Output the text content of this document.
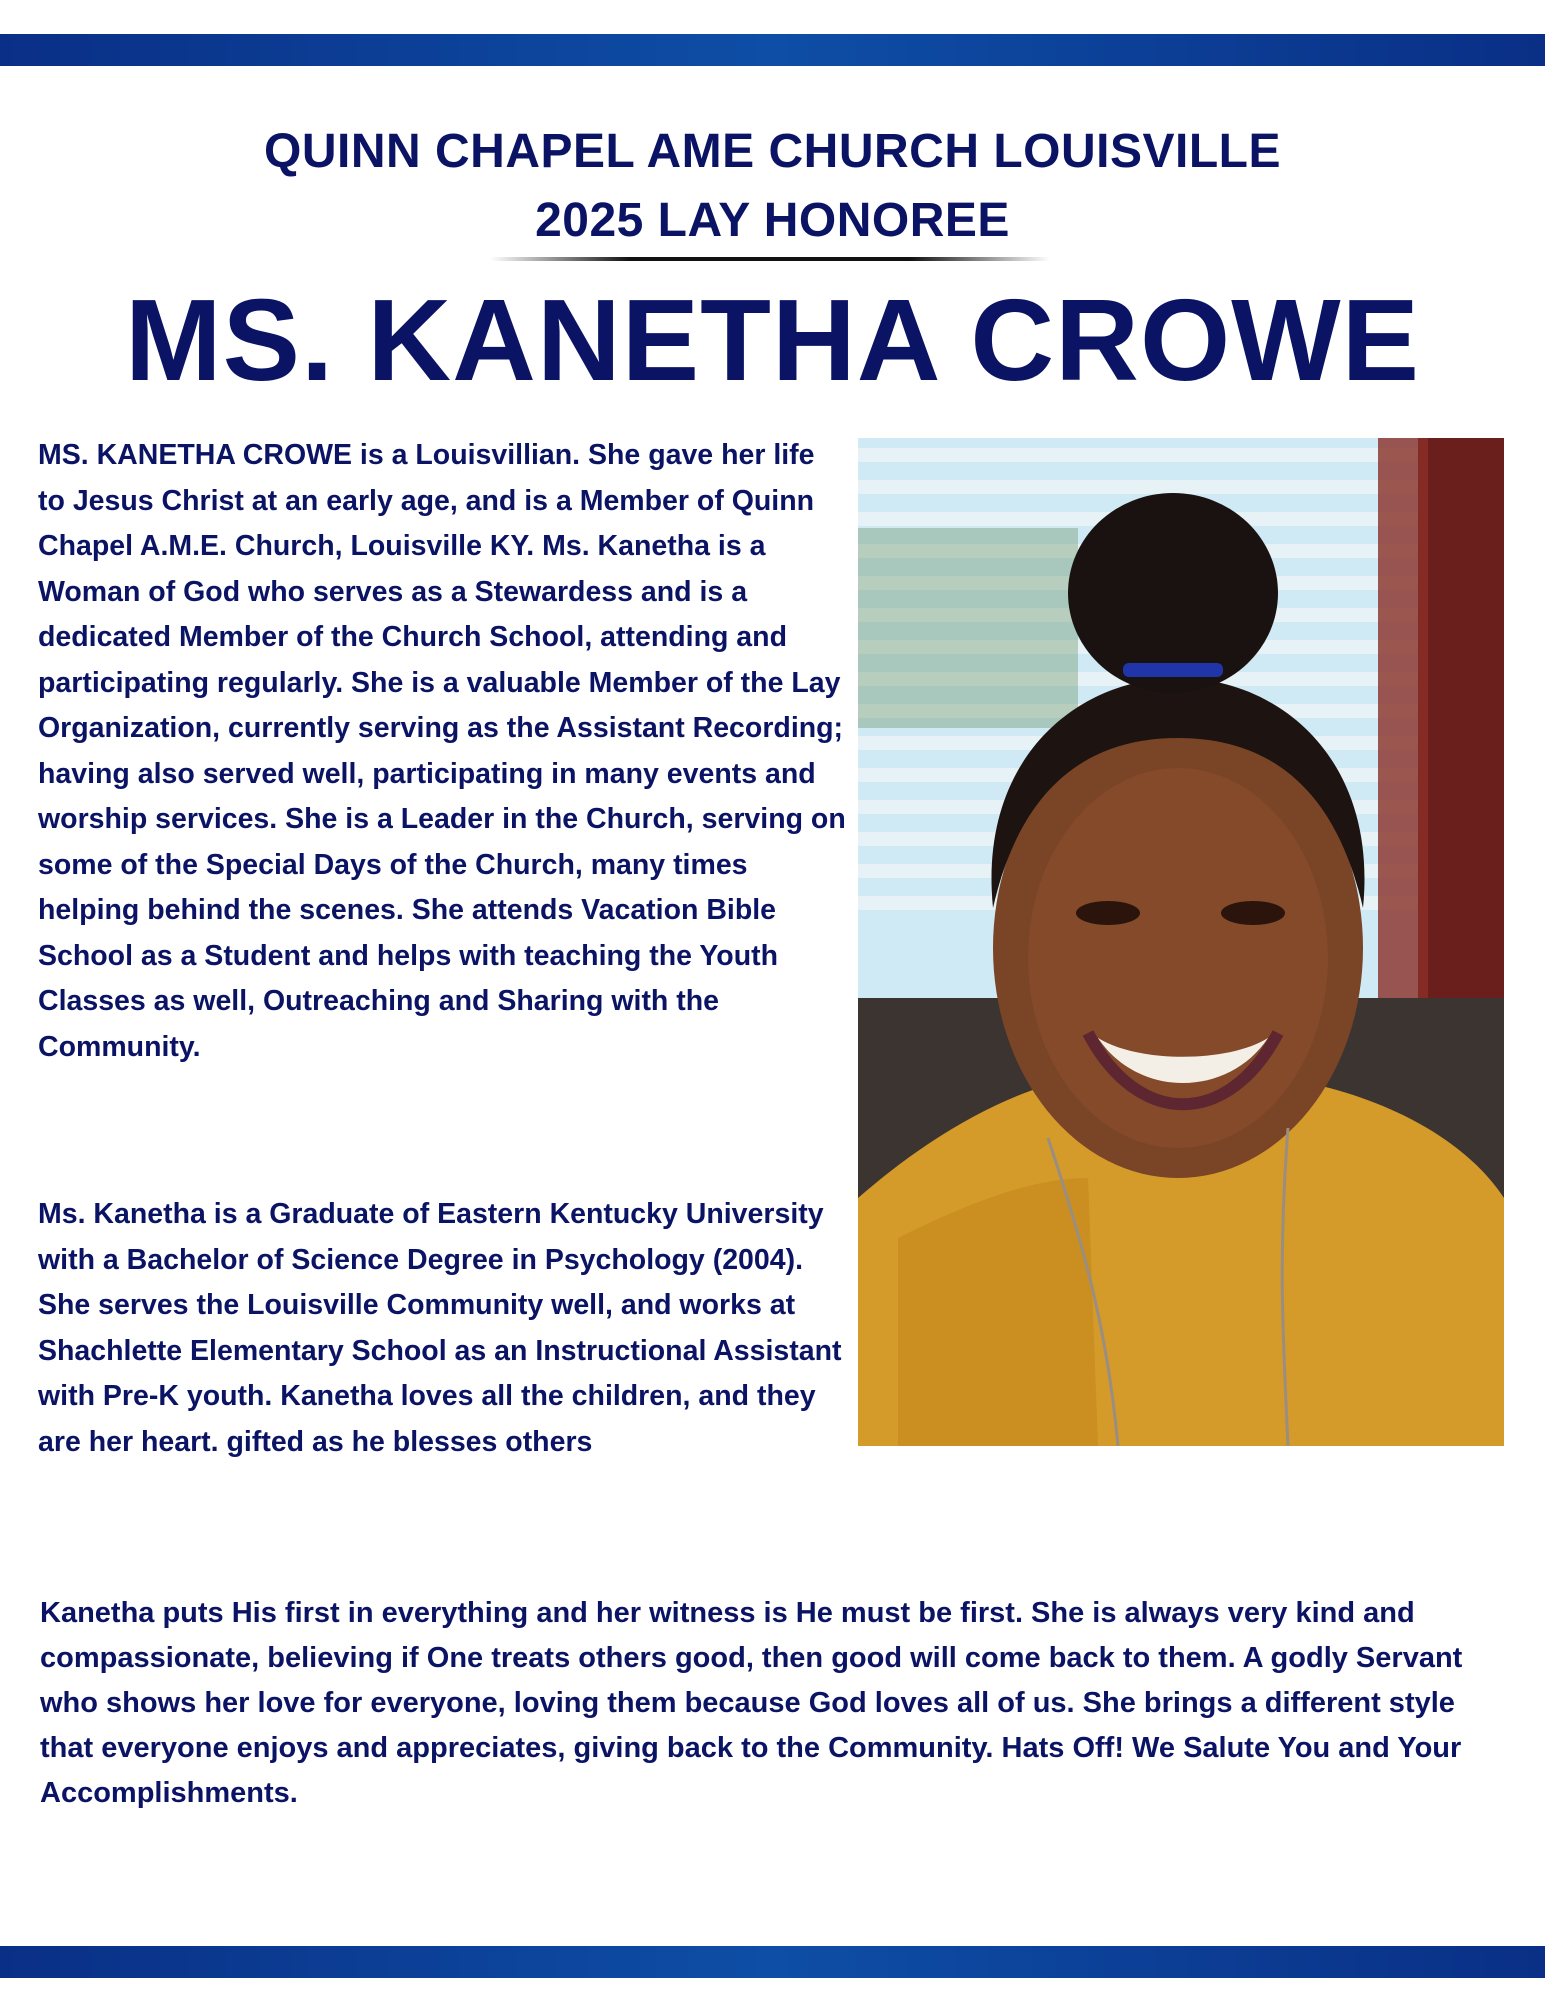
QUINN CHAPEL AME CHURCH LOUISVILLE
2025 LAY HONOREE
MS. KANETHA CROWE

MS. KANETHA CROWE is a Louisvillian. She gave her life to Jesus Christ at an early age, and is a Member of Quinn Chapel A.M.E. Church, Louisville KY. Ms. Kanetha is a Woman of God who serves as a Stewardess and is a dedicated Member of the Church School, attending and participating regularly. She is a valuable Member of the Lay Organization, currently serving as the Assistant Recording; having also served well, participating in many events and worship services. She is a Leader in the Church, serving on some of the Special Days of the Church, many times helping behind the scenes. She attends Vacation Bible School as a Student and helps with teaching the Youth Classes as well, Outreaching and Sharing with the Community.

Ms. Kanetha is a Graduate of Eastern Kentucky University with a Bachelor of Science Degree in Psychology (2004). She serves the Louisville Community well, and works at Shachlette Elementary School as an Instructional Assistant with Pre-K youth. Kanetha loves all the children, and they are her heart. gifted as he blesses others

Kanetha puts His first in everything and her witness is He must be first. She is always very kind and compassionate, believing if One treats others good, then good will come back to them. A godly Servant who shows her love for everyone, loving them because God loves all of us. She brings a different style that everyone enjoys and appreciates, giving back to the Community. Hats Off! We Salute You and Your Accomplishments.
